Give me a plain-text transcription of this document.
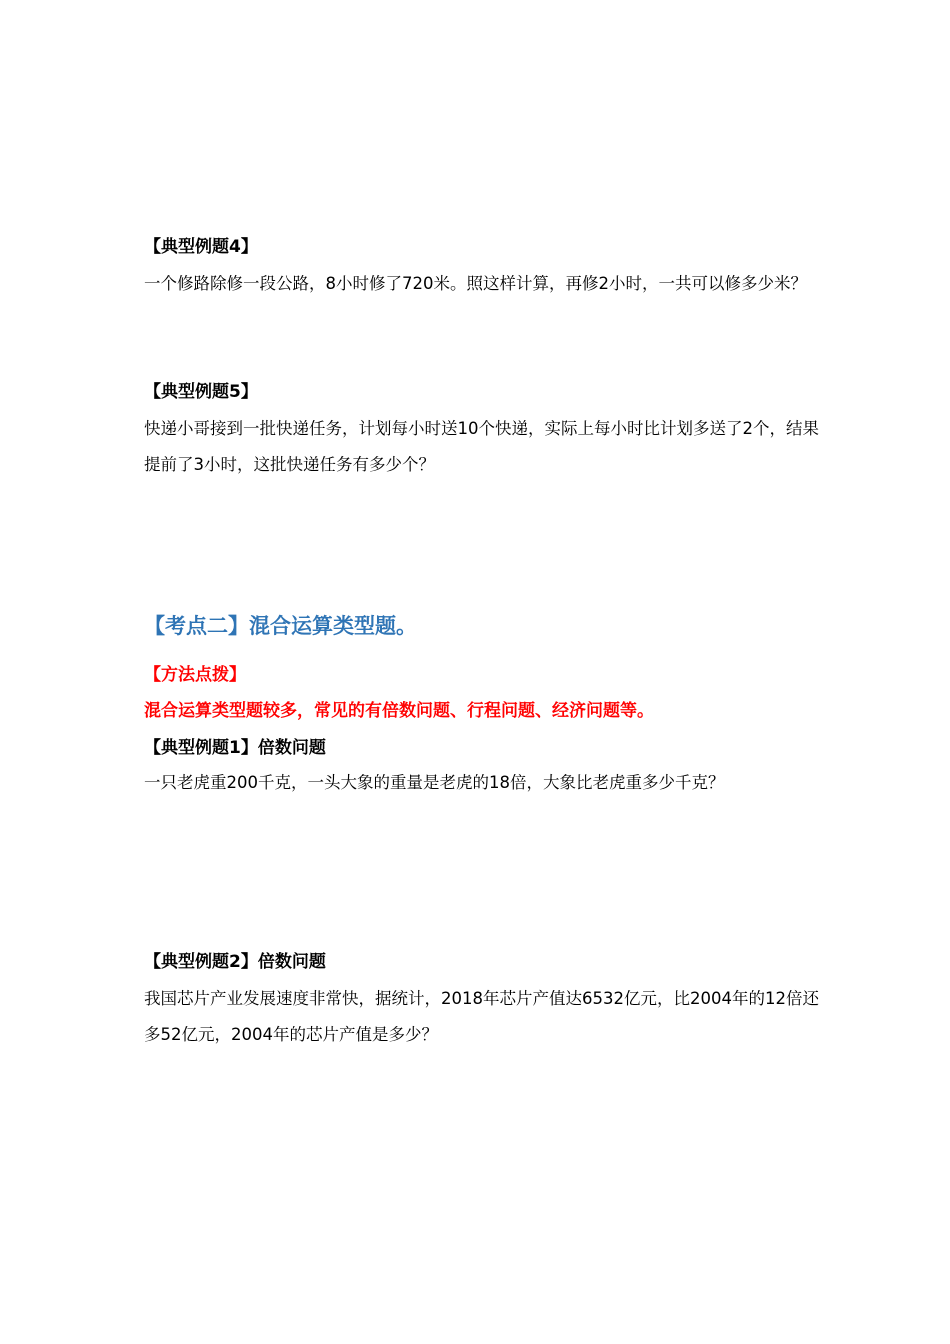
【典型例题4】
一个修路除修一段公路，8小时修了720米。照这样计算，再修2小时，一共可以修多少米？
【典型例题5】
快递小哥接到一批快递任务，计划每小时送10个快递，实际上每小时比计划多送了2个，结果提前了3小时，这批快递任务有多少个？
【考点二】混合运算类型题。
【方法点拨】
混合运算类型题较多，常见的有倍数问题、行程问题、经济问题等。
【典型例题1】倍数问题
一只老虎重200千克，一头大象的重量是老虎的18倍，大象比老虎重多少千克？
【典型例题2】倍数问题
我国芯片产业发展速度非常快，据统计，2018年芯片产值达6532亿元，比2004年的12倍还多52亿元，2004年的芯片产值是多少？
